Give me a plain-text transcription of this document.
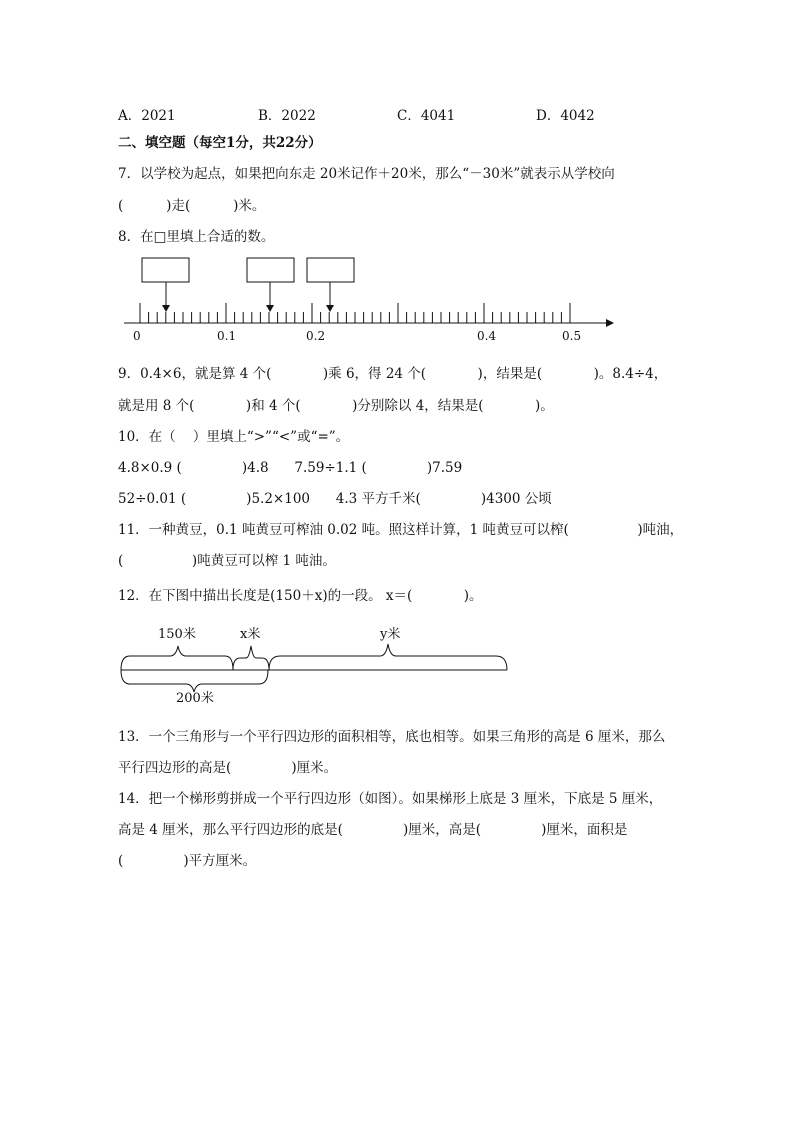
A．2021	B．2022	C．4041	D．4042
二、填空题（每空1分，共22分）
7．以学校为起点，如果把向东走 20米记作＋20米，那么“－30米”就表示从学校向
(          )走(          )米。
8．在□里填上合适的数。
0	0.1	0.2	0.4	0.5
9．0.4×6，就是算 4 个(            )乘 6，得 24 个(            )，结果是(            )。8.4÷4，
就是用 8 个(            )和 4 个(            )分别除以 4，结果是(            )。
10．在（    ）里填上“>”“<”或“=”。
4.8×0.9 (              )4.8      7.59÷1.1 (              )7.59
52÷0.01 (              )5.2×100      4.3 平方千米(              )4300 公顷
11．一种黄豆，0.1 吨黄豆可榨油 0.02 吨。照这样计算，1 吨黄豆可以榨(                )吨油，
(                )吨黄豆可以榨 1 吨油。
12．在下图中描出长度是(150＋x)的一段。 x＝(            )。
150米	x米	y米
200米
13．一个三角形与一个平行四边形的面积相等，底也相等。如果三角形的高是 6 厘米，那么
平行四边形的高是(              )厘米。
14．把一个梯形剪拼成一个平行四边形（如图）。如果梯形上底是 3 厘米，下底是 5 厘米，
高是 4 厘米，那么平行四边形的底是(              )厘米，高是(              )厘米，面积是
(              )平方厘米。
